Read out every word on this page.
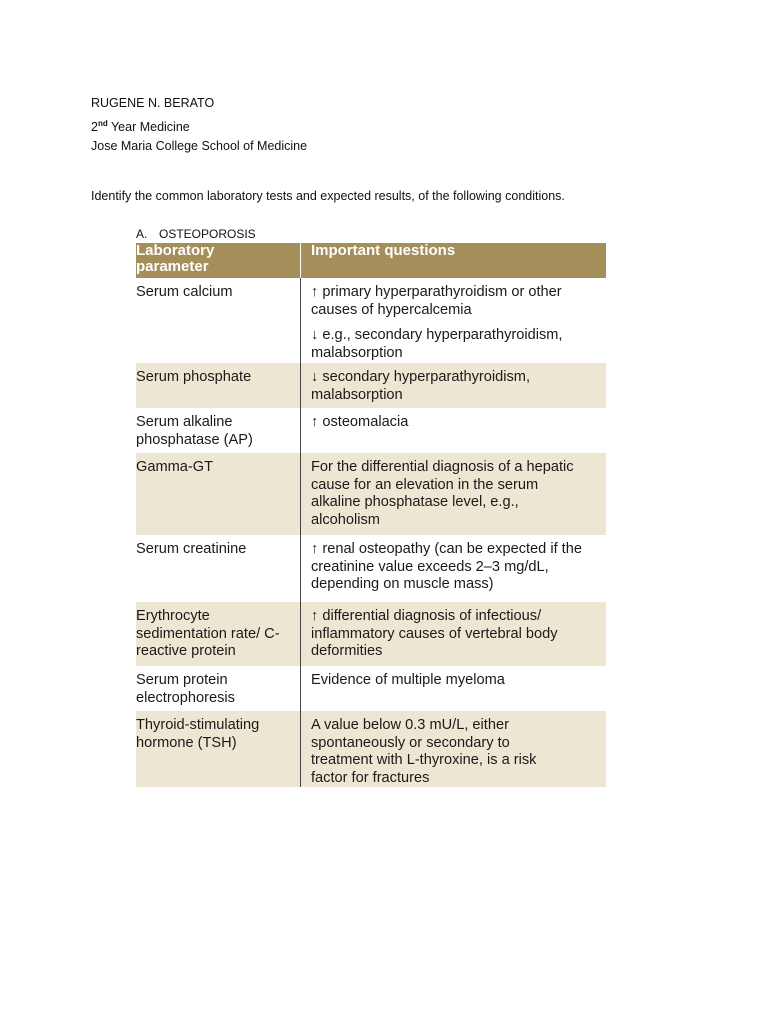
RUGENE N. BERATO
2nd Year Medicine
Jose Maria College School of Medicine
Identify the common laboratory tests and expected results, of the following conditions.
A. OSTEOPOROSIS
Laboratory parameter	Important questions

Serum calcium	↑ primary hyperparathyroidism or other causes of hypercalcemia
↓ e.g., secondary hyperparathyroidism, malabsorption

Serum phosphate	↓ secondary hyperparathyroidism, malabsorption

Serum alkaline phosphatase (AP)	↑ osteomalacia

Gamma-GT	For the differential diagnosis of a hepatic cause for an elevation in the serum alkaline phosphatase level, e.g., alcoholism

Serum creatinine	↑ renal osteopathy (can be expected if the creatinine value exceeds 2–3 mg/dL, depending on muscle mass)

Erythrocyte sedimentation rate/ C-reactive protein	↑ differential diagnosis of infectious/ inflammatory causes of vertebral body deformities

Serum protein electrophoresis	Evidence of multiple myeloma

Thyroid-stimulating hormone (TSH)	A value below 0.3 mU/L, either spontaneously or secondary to treatment with L-thyroxine, is a risk factor for fractures
